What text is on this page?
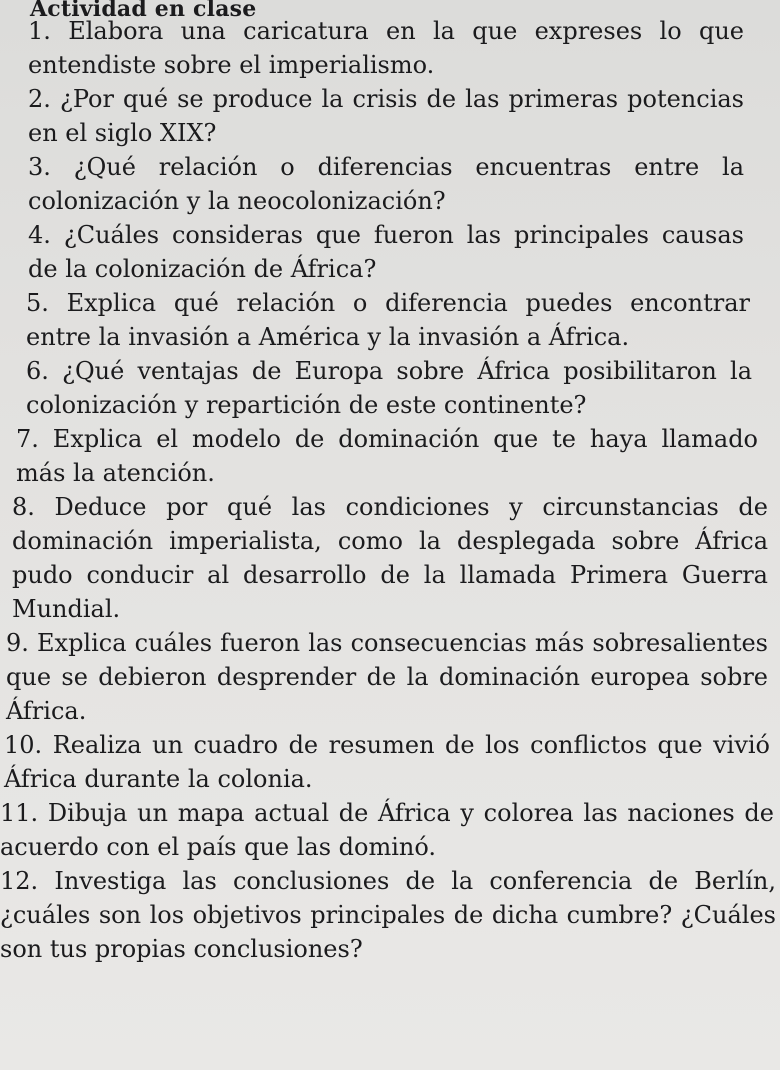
Actividad en clase

1. Elabora una caricatura en la que expreses lo que entendiste sobre el imperialismo.

2. ¿Por qué se produce la crisis de las primeras potencias en el siglo XIX?

3. ¿Qué relación o diferencias encuentras entre la colonización y la neocolonización?

4. ¿Cuáles consideras que fueron las principales causas de la colonización de África?

5. Explica qué relación o diferencia puedes encontrar entre la invasión a América y la invasión a África.

6. ¿Qué ventajas de Europa sobre África posibilitaron la colonización y repartición de este continente?

7. Explica el modelo de dominación que te haya llamado más la atención.

8. Deduce por qué las condiciones y circunstancias de dominación imperialista, como la desplegada sobre África pudo conducir al desarrollo de la llamada Primera Guerra Mundial.

9. Explica cuáles fueron las consecuencias más sobresalientes que se debieron desprender de la dominación europea sobre África.

10. Realiza un cuadro de resumen de los conflictos que vivió África durante la colonia.

11. Dibuja un mapa actual de África y colorea las naciones de acuerdo con el país que las dominó.

12. Investiga las conclusiones de la conferencia de Berlín, ¿cuáles son los objetivos principales de dicha cumbre? ¿Cuáles son tus propias conclusiones?
